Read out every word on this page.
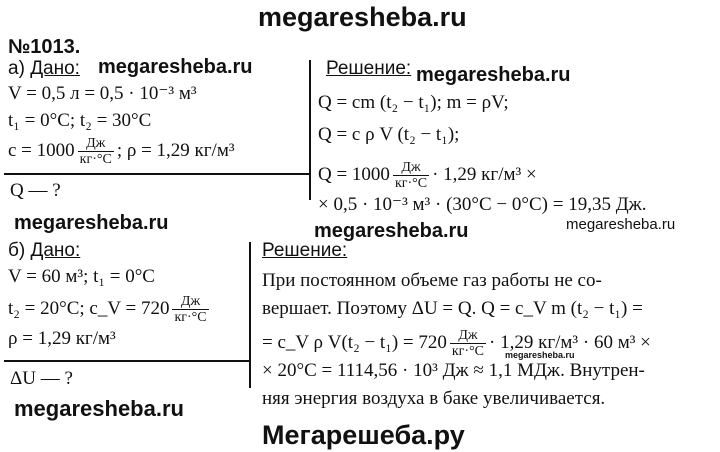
megaresheba.ru
megaresheba.ru	megaresheba.ru
megaresheba.ru	megaresheba.ru	megaresheba.ru
megaresheba.ru
megaresheba.ru
Мегарешеба.ру
№1013.
а) Дано:
V = 0,5 л = 0,5 · 10⁻³ м³
t₁ = 0°C; t₂ = 30°C
$c = 1000 \frac{Дж}{кг\cdot^\circ C}$ ; ρ = 1,29 кг/м³
Q — ?
Решение:
Q = cm (t₂ − t₁); m = ρV;
Q = c ρ V (t₂ − t₁);
$Q = 1000 \frac{Дж}{кг\cdot^\circ C} \cdot 1,29$ кг/м³ ×
× 0,5 · 10⁻³ м³ · (30°C − 0°C) = 19,35 Дж.
б) Дано:
V = 60 м³; t₁ = 0°C
t₂ = 20°C; c_V = $720 \frac{Дж}{кг\cdot^\circ C}$
ρ = 1,29 кг/м³
ΔU — ?
Решение:
При постоянном объеме газ работы не со-
вершает. Поэтому ΔU = Q. Q = c_V m (t₂ − t₁) =
= c_V ρ $V(t_2 - t_1) = 720 \frac{Дж}{кг\cdot^\circ C} \cdot 1,29$ кг/м³ · 60 м³ ×
× 20°C = 1114,56 · 10³ Дж ≈ 1,1 МДж. Внутрен-
няя энергия воздуха в баке увеличивается.
